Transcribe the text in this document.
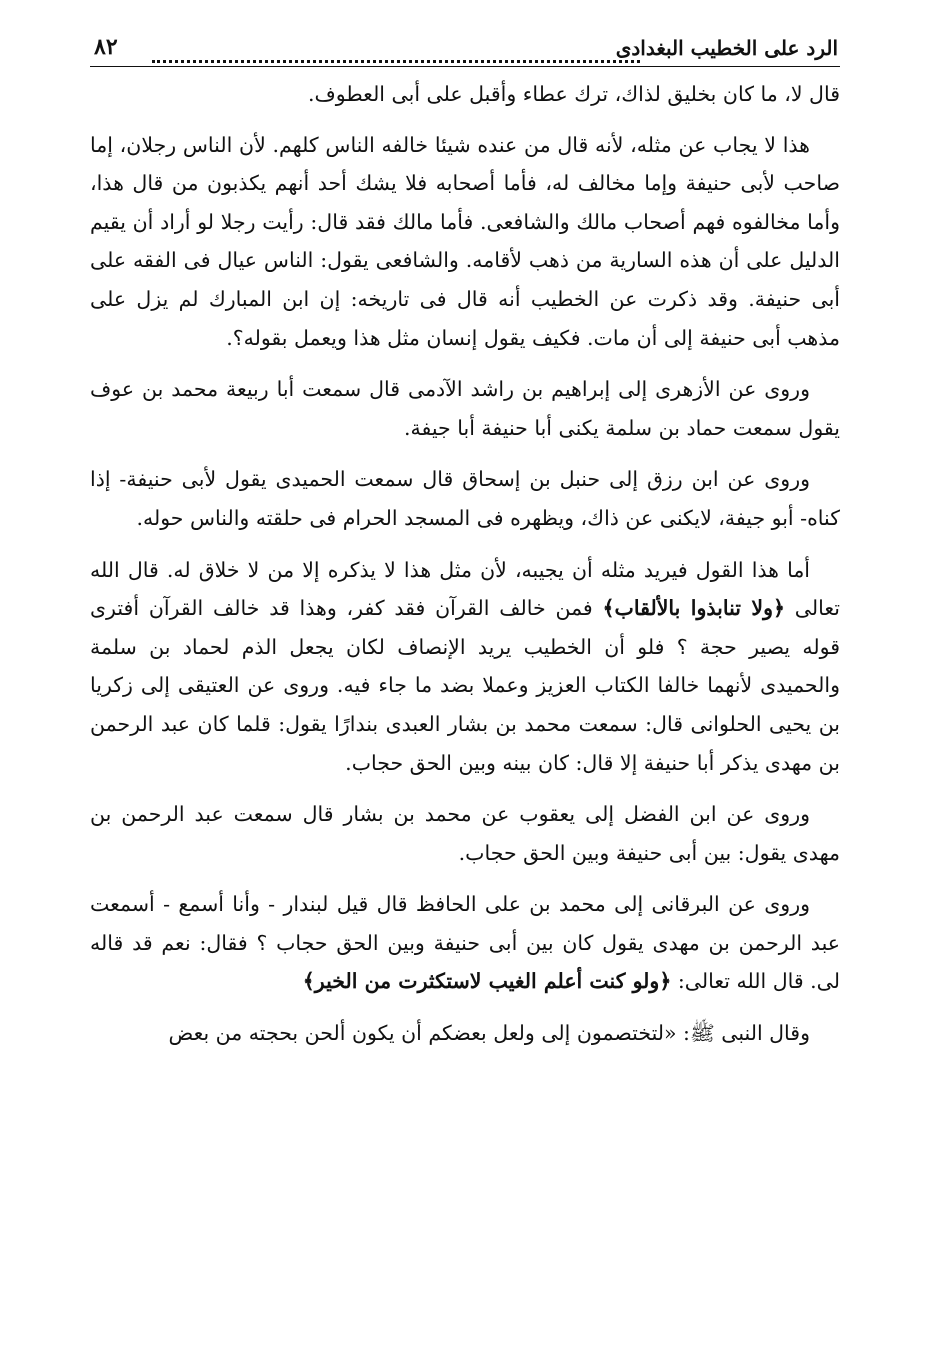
الرد على الخطيب البغدادى
٨٢

قال لا، ما كان بخليق لذاك، ترك عطاء وأقبل على أبى العطوف.

هذا لا يجاب عن مثله، لأنه قال من عنده شيئا خالفه الناس كلهم. لأن الناس رجلان، إما صاحب لأبى حنيفة وإما مخالف له، فأما أصحابه فلا يشك أحد أنهم يكذبون من قال هذا، وأما مخالفوه فهم أصحاب مالك والشافعى. فأما مالك فقد قال: رأيت رجلا لو أراد أن يقيم الدليل على أن هذه السارية من ذهب لأقامه. والشافعى يقول: الناس عيال فى الفقه على أبى حنيفة. وقد ذكرت عن الخطيب أنه قال فى تاريخه: إن ابن المبارك لم يزل على مذهب أبى حنيفة إلى أن مات. فكيف يقول إنسان مثل هذا ويعمل بقوله؟.

وروى عن الأزهرى إلى إبراهيم بن راشد الآدمى قال سمعت أبا ربيعة محمد بن عوف يقول سمعت حماد بن سلمة يكنى أبا حنيفة أبا جيفة.

وروى عن ابن رزق إلى حنبل بن إسحاق قال سمعت الحميدى يقول لأبى حنيفة- إذا كناه- أبو جيفة، لايكنى عن ذاك، ويظهره فى المسجد الحرام فى حلقته والناس حوله.

أما هذا القول فيريد مثله أن يجيبه، لأن مثل هذا لا يذكره إلا من لا خلاق له. قال الله تعالى ﴿ولا تنابذوا بالألقاب﴾ فمن خالف القرآن فقد كفر، وهذا قد خالف القرآن أفترى قوله يصير حجة ؟ فلو أن الخطيب يريد الإنصاف لكان يجعل الذم لحماد بن سلمة والحميدى لأنهما خالفا الكتاب العزيز وعملا بضد ما جاء فيه. وروى عن العتيقى إلى زكريا بن يحيى الحلوانى قال: سمعت محمد بن بشار العبدى بندارًا يقول: قلما كان عبد الرحمن بن مهدى يذكر أبا حنيفة إلا قال: كان بينه وبين الحق حجاب.

وروى عن ابن الفضل إلى يعقوب عن محمد بن بشار قال سمعت عبد الرحمن بن مهدى يقول: بين أبى حنيفة وبين الحق حجاب.

وروى عن البرقانى إلى محمد بن على الحافظ قال قيل لبندار - وأنا أسمع - أسمعت عبد الرحمن بن مهدى يقول كان بين أبى حنيفة وبين الحق حجاب ؟ فقال: نعم قد قاله لى. قال الله تعالى: ﴿ولو كنت أعلم الغيب لاستكثرت من الخير﴾

وقال النبى ﷺ: «لتختصمون إلى ولعل بعضكم أن يكون ألحن بحجته من بعض
